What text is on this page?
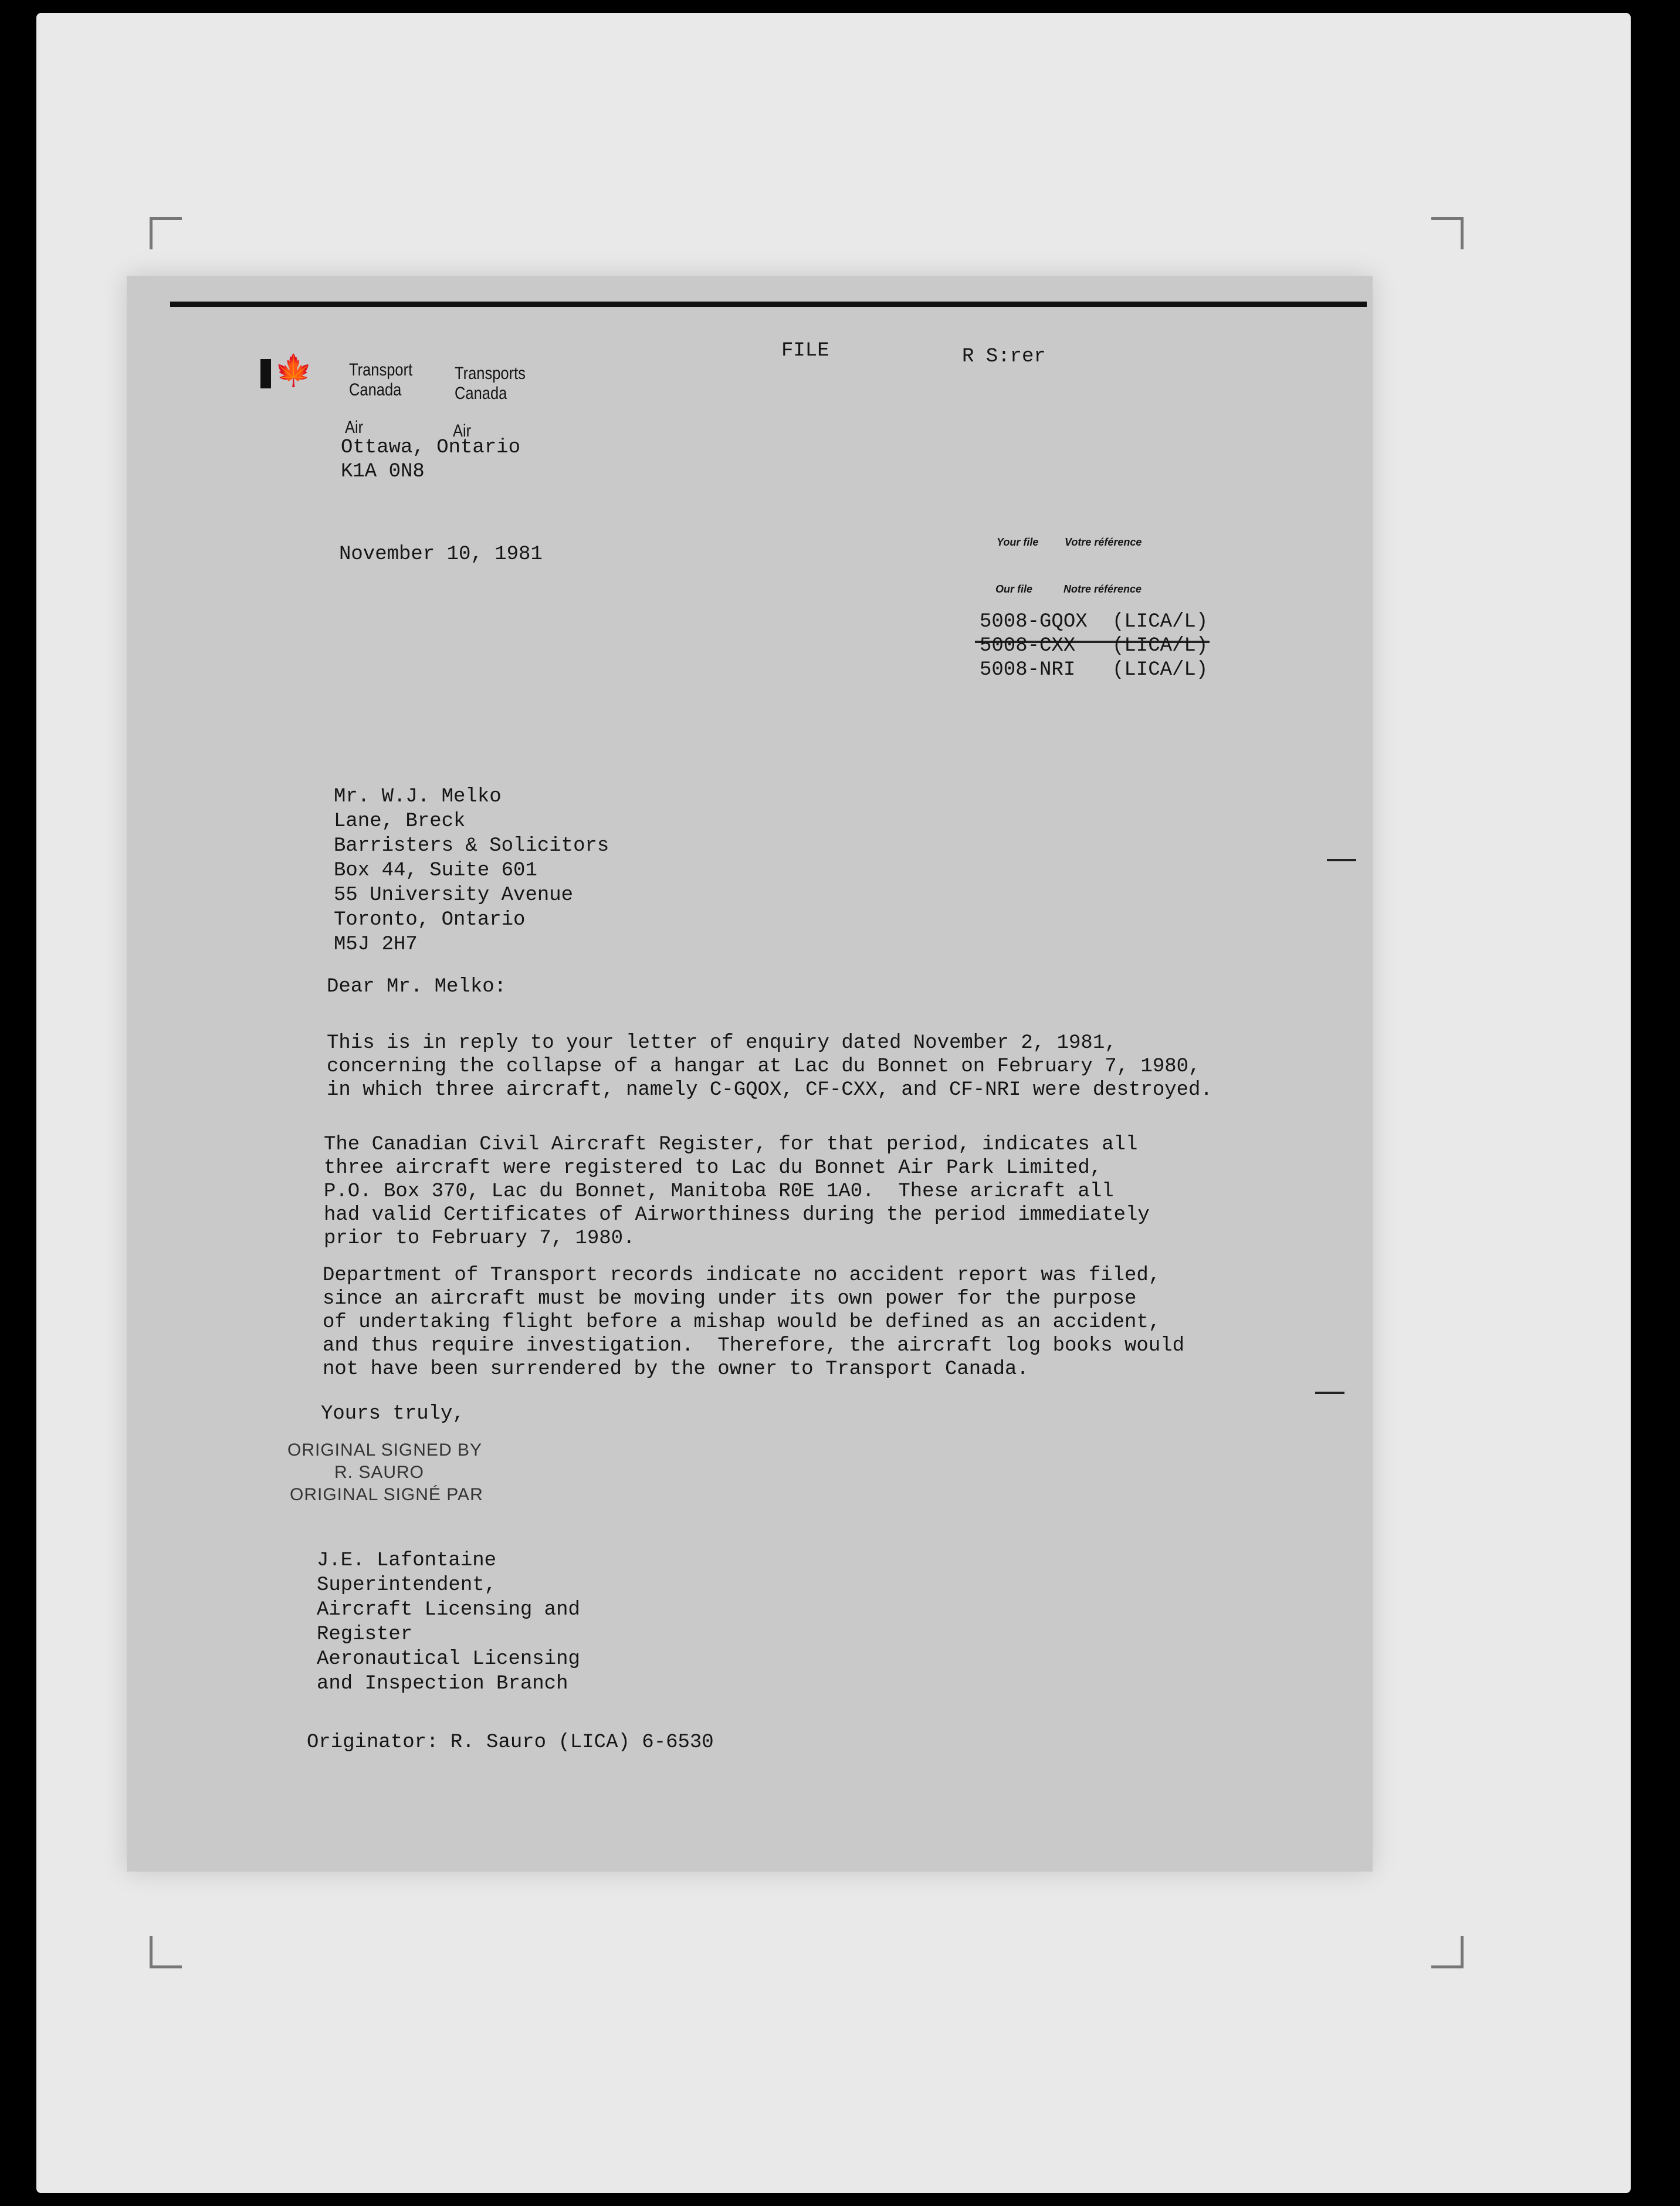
FILE	R S:rer
🍁 Transport
Canada
Transports
Canada
Air	Air
Ottawa, Ontario
K1A 0N8
November 10, 1981
Your file Votre référence
Our file	Notre référence
5008-GQOX (LICA/L)
5008-CXX (LICA/L)
5008-NRI (LICA/L)
Mr. W.J. Melko
Lane, Breck
Barristers & Solicitors
Box 44, Suite 601
55 University Avenue
Toronto, Ontario
M5J 2H7
Dear Mr. Melko:
This is in reply to your letter of enquiry dated November 2, 1981,
concerning the collapse of a hangar at Lac du Bonnet on February 7, 1980,
in which three aircraft, namely C-GQOX, CF-CXX, and CF-NRI were destroyed.
The Canadian Civil Aircraft Register, for that period, indicates all
three aircraft were registered to Lac du Bonnet Air Park Limited,
P.O. Box 370, Lac du Bonnet, Manitoba R0E 1A0.  These aricraft all
had valid Certificates of Airworthiness during the period immediately
prior to February 7, 1980.
Department of Transport records indicate no accident report was filed,
since an aircraft must be moving under its own power for the purpose
of undertaking flight before a mishap would be defined as an accident,
and thus require investigation.  Therefore, the aircraft log books would
not have been surrendered by the owner to Transport Canada.
Yours truly,
ORIGINAL SIGNED BY
R. SAURO
ORIGINAL SIGNÉ PAR
J.E. Lafontaine
Superintendent,
Aircraft Licensing and
Register
Aeronautical Licensing
and Inspection Branch
Originator: R. Sauro (LICA) 6-6530
